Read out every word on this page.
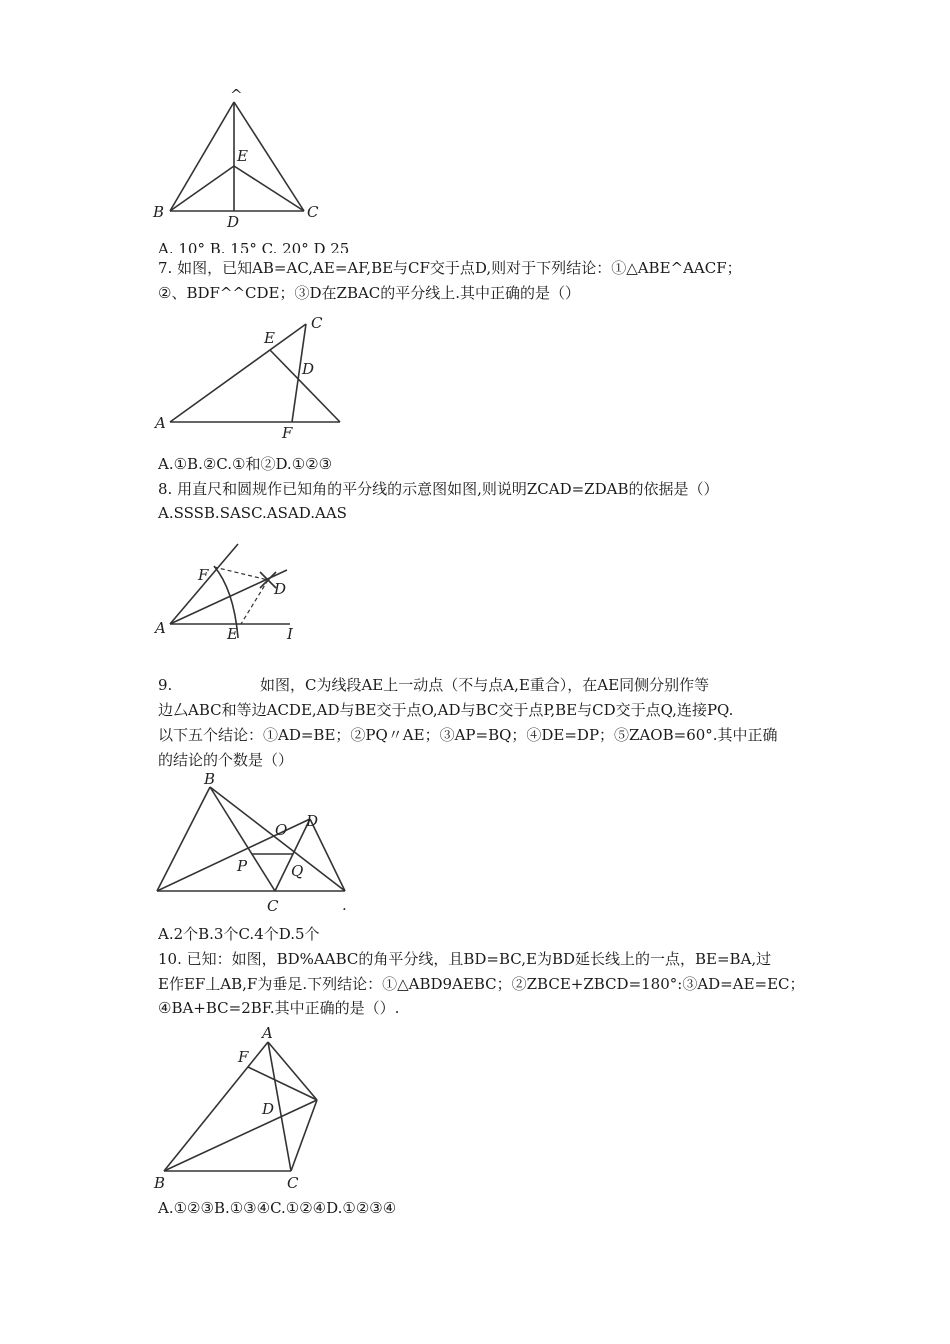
^
E
B
D
C
A. 10° B. 15° C. 20° D 25
7. 如图，已知AB=AC,AE=AF,BE与CF交于点D,则对于下列结论：①△ABE^AACF；
②、BDF^^CDE；③D在ZBAC的平分线上.其中正确的是（）
C
E
D
A
F
A.①B.②C.①和②D.①②③
8. 用直尺和圆规作已知角的平分线的示意图如图,则说明ZCAD=ZDAB的依据是（）
A.SSSB.SASC.ASAD.AAS
F
D
A	E	I
9.	如图，C为线段AE上一动点（不与点A,E重合），在AE同侧分别作等
边厶ABC和等边ACDE,AD与BE交于点O,AD与BC交于点P,BE与CD交于点Q,连接PQ.
以下五个结论：①AD=BE；②PQ〃AE；③AP=BQ；④DE=DP；⑤ZAOB=60°.其中正确
的结论的个数是（）
B
O D
P	Q
C	.
A.2个B.3个C.4个D.5个
10. 已知：如图，BD%AABC的角平分线，且BD=BC,E为BD延长线上的一点，BE=BA,过
E作EF丄AB,F为垂足.下列结论：①△ABD9AEBC；②ZBCE+ZBCD=180°:③AD=AE=EC；
④BA+BC=2BF.其中正确的是（）.
A
F
D
B	C
A.①②③B.①③④C.①②④D.①②③④
